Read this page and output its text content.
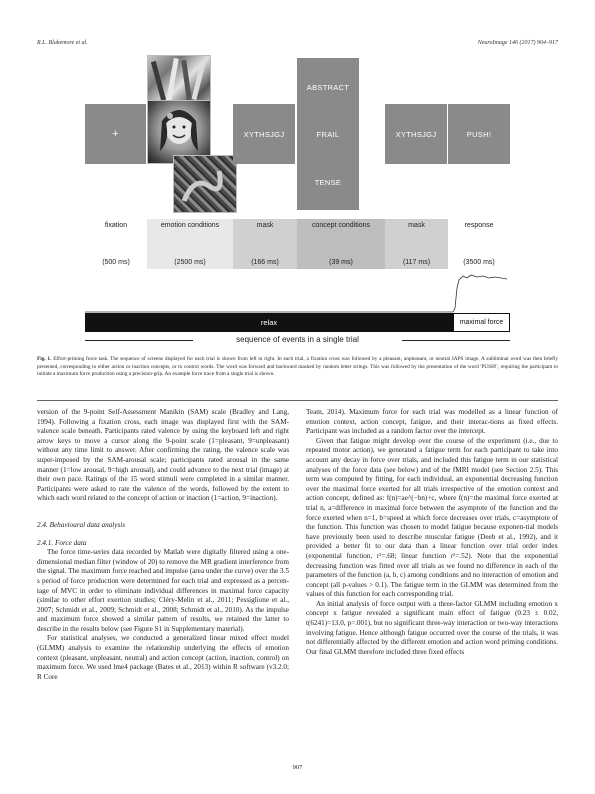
R.L. Blakemore et al.	NeuroImage 146 (2017) 904–917
+	XYTHSJGJ
ABSTRACT
FRAIL
TENSE
XYTHSJGJ	PUSH!
fixation
(500 ms)
emotion conditions
(2500 ms)
mask
(166 ms)
concept conditions
(39 ms)
mask
(117 ms)
response
(3500 ms)
relax	maximal force
sequence of events in a single trial
Fig. 1. Effort-priming force task. The sequence of screens displayed for each trial is shown from left to right. In each trial, a fixation cross was followed by a pleasant, unpleasant, or neutral IAPS image. A subliminal word was then briefly presented, corresponding to either action or inaction concepts, or to control words. The word was forward and backward masked by random letter strings. This was followed by the presentation of the word 'PUSH!', requiring the participant to initiate a maximum force production using a precision-grip. An example force trace from a single trial is shown.

version of the 9-point Self-Assessment Manikin (SAM) scale (Bradley and Lang, 1994). Following a fixation cross, each image was displayed first with the SAM-valence scale beneath. Participants rated valence by using the keyboard left and right arrow keys to move a cursor along the 9-point scale (1=pleasant, 9=unpleasant) without any time limit to answer. After confirming the rating, the valence scale was super-imposed by the SAM-arousal scale; participants rated arousal in the same manner (1=low arousal, 9=high arousal), and could advance to the next trial (image) at their own pace. Ratings of the 15 word stimuli were completed in a similar manner. Participants were asked to rate the valence of the words, followed by the extent to which each word related to the concept of action or inaction (1=action, 9=inaction).

2.4. Behavioural data analysis

2.4.1. Force data

The force time-series data recorded by Matlab were digitally filtered using a one-dimensional median filter (window of 20) to remove the MR gradient interference from the signal. The maximum force reached and impulse (area under the curve) over the 3.5 s period of force production were determined for each trial and expressed as a percen-tage of MVC in order to eliminate individual differences in maximal force capacity (similar to other effort exertion studies; Cléry-Melin et al., 2011; Pessiglione et al., 2007; Schmidt et al., 2009; Schmidt et al., 2008; Schmidt et al., 2010). As the impulse and maximum force showed a similar pattern of results, we retained the latter to describe in the results below (see Figure S1 in Supplementary material).

For statistical analyses, we conducted a generalized linear mixed effect model (GLMM) analysis to examine the relationship underlying the effects of emotion context (pleasant, unpleasant, neutral) and action concept (action, inaction, control) on maximum force. We used lme4 package (Bates et al., 2013) within R software (v3.2.0; R Core

Team, 2014). Maximum force for each trial was modelled as a linear function of emotion context, action concept, fatigue, and their interac-tions as fixed effects. Participant was included as a random factor over the intercept.

Given that fatigue might develop over the course of the experiment (i.e., due to repeated motor action), we generated a fatigue term for each participant to take into account any decay in force over trials, and included this fatigue term in our statistical analyses of the force data (see below) and of the fMRI model (see Section 2.5). This term was computed by fitting, for each individual, an exponential decreasing function over the maximal force exerted for all trials irrespective of the emotion context and action concept, defined as: f(n)=ae^(−bn)+c, where f(n)=the maximal force exerted at trial n, a=difference in maximal force between the asymptote of the function and the force exerted when n=1, b=speed at which force decreases over trials, c=asymptote of the function. This function was chosen to model fatigue because exponen-tial models have previously been used to describe muscular fatigue (Deeb et al., 1992), and it provided a better fit to our data than a linear function over trial order index (exponential function, r²=.68; linear function r²=.52). Note that the exponential decreasing function was fitted over all trials as we found no difference in each of the parameters of the function (a, b, c) among conditions and no interaction of emotion and concept (all p-values > 0.1). The fatigue term in the GLMM was determined from the values of this function for each corresponding trial.

An initial analysis of force output with a three-factor GLMM including emotion x concept x fatigue revealed a significant main effect of fatigue (0.23 ± 0.02, t(6241)=13.0, p=.001), but no significant three-way interaction or two-way interactions involving fatigue. Hence although fatigue occurred over the course of the trials, it was not differentially affected by the different emotion and action word priming conditions. Our final GLMM therefore included three fixed effects

907
